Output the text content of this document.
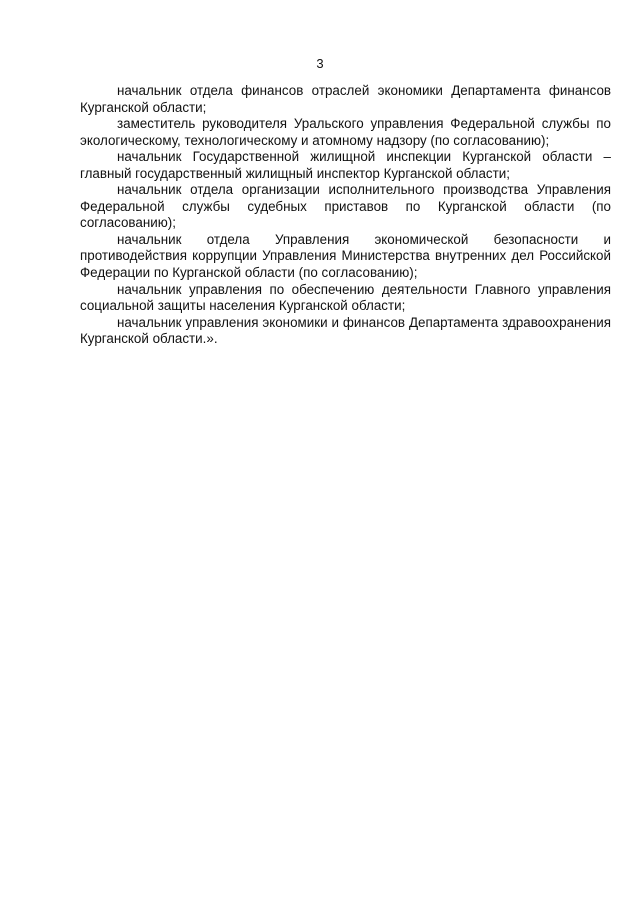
3

начальник отдела финансов отраслей экономики Департамента финансов Курганской области;

заместитель руководителя Уральского управления Федеральной службы по экологическому, технологическому и атомному надзору (по согласованию);

начальник Государственной жилищной инспекции Курганской области – главный государственный жилищный инспектор Курганской области;

начальник отдела организации исполнительного производства Управления Федеральной службы судебных приставов по Курганской области (по согласованию);

начальник отдела Управления экономической безопасности и противодействия коррупции Управления Министерства внутренних дел Российской Федерации по Курганской области (по согласованию);

начальник управления по обеспечению деятельности Главного управления социальной защиты населения Курганской области;

начальник управления экономики и финансов Департамента здравоохранения Курганской области.».
